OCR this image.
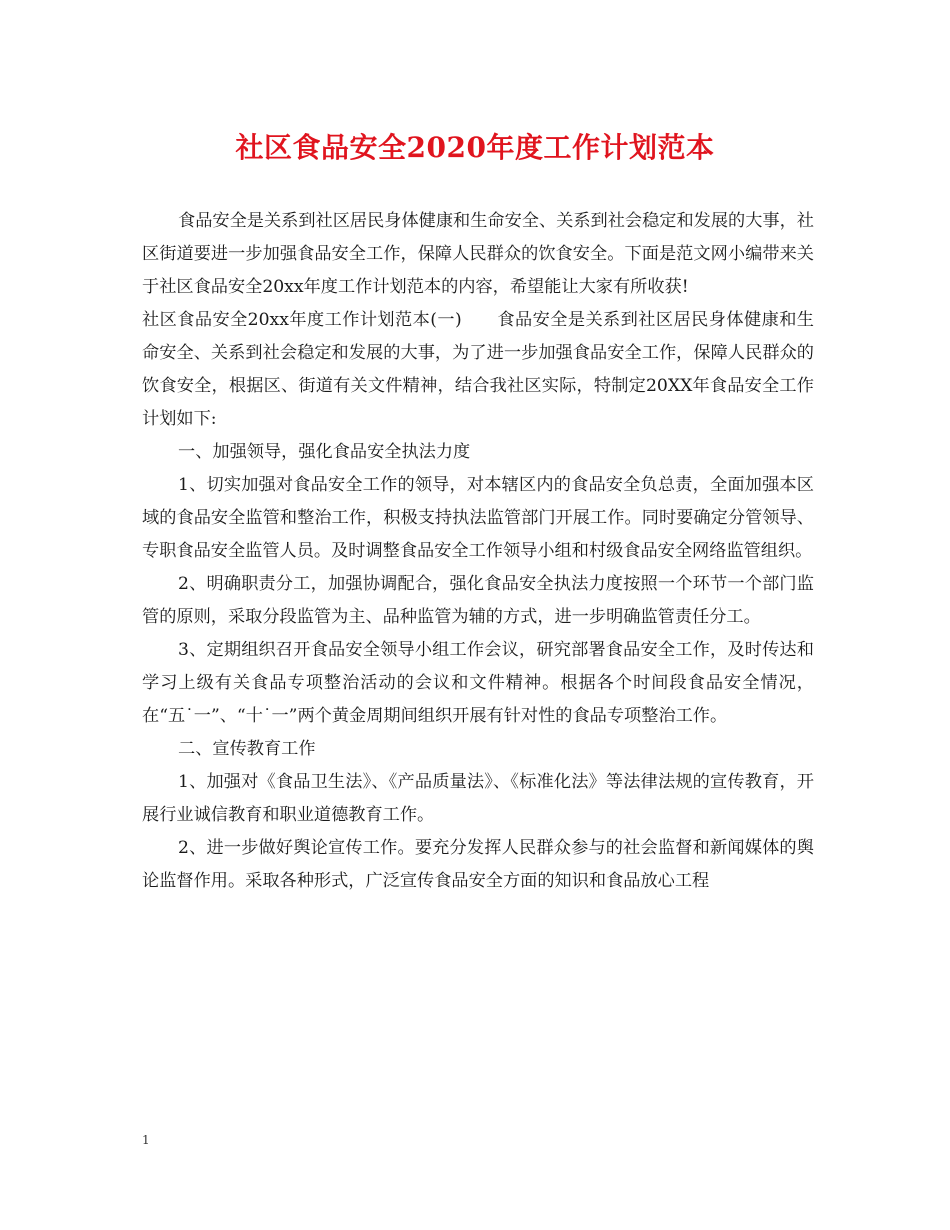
社区食品安全2020年度工作计划范本

食品安全是关系到社区居民身体健康和生命安全、关系到社会稳定和发展的大事，社区街道要进一步加强食品安全工作，保障人民群众的饮食安全。下面是范文网小编带来关于社区食品安全20xx年度工作计划范本的内容，希望能让大家有所收获!

社区食品安全20xx年度工作计划范本(一)　　食品安全是关系到社区居民身体健康和生命安全、关系到社会稳定和发展的大事，为了进一步加强食品安全工作，保障人民群众的饮食安全，根据区、街道有关文件精神，结合我社区实际，特制定20XX年食品安全工作计划如下:

一、加强领导，强化食品安全执法力度

1、切实加强对食品安全工作的领导，对本辖区内的食品安全负总责，全面加强本区域的食品安全监管和整治工作，积极支持执法监管部门开展工作。同时要确定分管领导、专职食品安全监管人员。及时调整食品安全工作领导小组和村级食品安全网络监管组织。

2、明确职责分工，加强协调配合，强化食品安全执法力度按照一个环节一个部门监管的原则，采取分段监管为主、品种监管为辅的方式，进一步明确监管责任分工。

3、定期组织召开食品安全领导小组工作会议，研究部署食品安全工作，及时传达和学习上级有关食品专项整治活动的会议和文件精神。根据各个时间段食品安全情况，在“五˙一”、“十˙一”两个黄金周期间组织开展有针对性的食品专项整治工作。

二、宣传教育工作

1、加强对《食品卫生法》、《产品质量法》、《标准化法》等法律法规的宣传教育，开展行业诚信教育和职业道德教育工作。

2、进一步做好舆论宣传工作。要充分发挥人民群众参与的社会监督和新闻媒体的舆论监督作用。采取各种形式，广泛宣传食品安全方面的知识和食品放心工程

1
